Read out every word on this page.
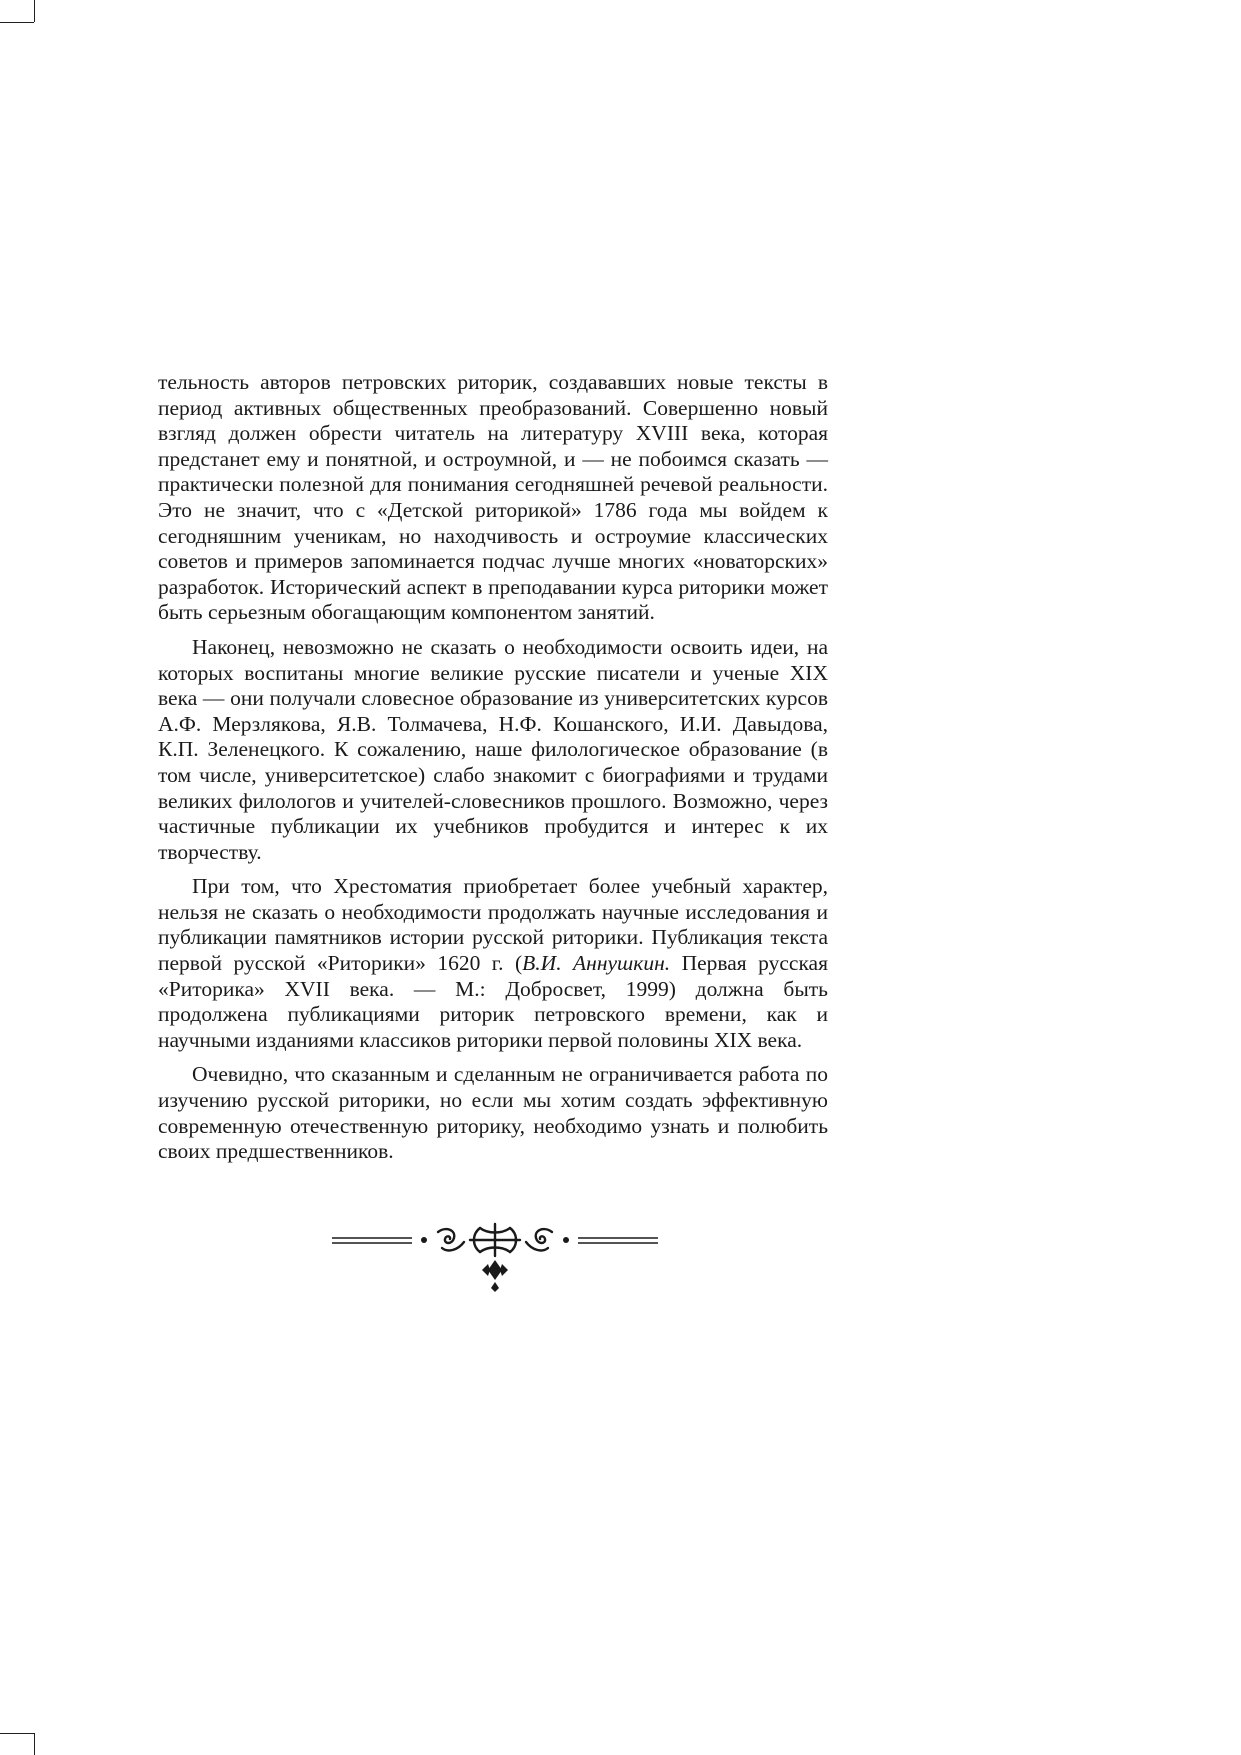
тельность авторов петровских риторик, создававших новые тексты в период активных общественных преобразований. Совершенно новый взгляд должен обрести читатель на литературу XVIII века, которая предстанет ему и понятной, и остроумной, и — не побоимся сказать — практически полезной для понимания сегодняшней речевой реальности. Это не значит, что с «Детской риторикой» 1786 года мы войдем к сегодняшним ученикам, но находчивость и остроумие классических советов и примеров запоминается подчас лучше многих «новаторских» разработок. Исторический аспект в преподавании курса риторики может быть серьезным обогащающим компонентом занятий.

Наконец, невозможно не сказать о необходимости освоить идеи, на которых воспитаны многие великие русские писатели и ученые XIX века — они получали словесное образование из университетских курсов А.Ф. Мерзлякова, Я.В. Толмачева, Н.Ф. Кошанского, И.И. Давыдова, К.П. Зеленецкого. К сожалению, наше филологическое образование (в том числе, университетское) слабо знакомит с биографиями и трудами великих филологов и учителей-словесников прошлого. Возможно, через частичные публикации их учебников пробудится и интерес к их творчеству.

При том, что Хрестоматия приобретает более учебный характер, нельзя не сказать о необходимости продолжать научные исследования и публикации памятников истории русской риторики. Публикация текста первой русской «Риторики» 1620 г. (В.И. Аннушкин. Первая русская «Риторика» XVII века. — М.: Добросвет, 1999) должна быть продолжена публикациями риторик петровского времени, как и научными изданиями классиков риторики первой половины XIX века.

Очевидно, что сказанным и сделанным не ограничивается работа по изучению русской риторики, но если мы хотим создать эффективную современную отечественную риторику, необходимо узнать и полюбить своих предшественников.
